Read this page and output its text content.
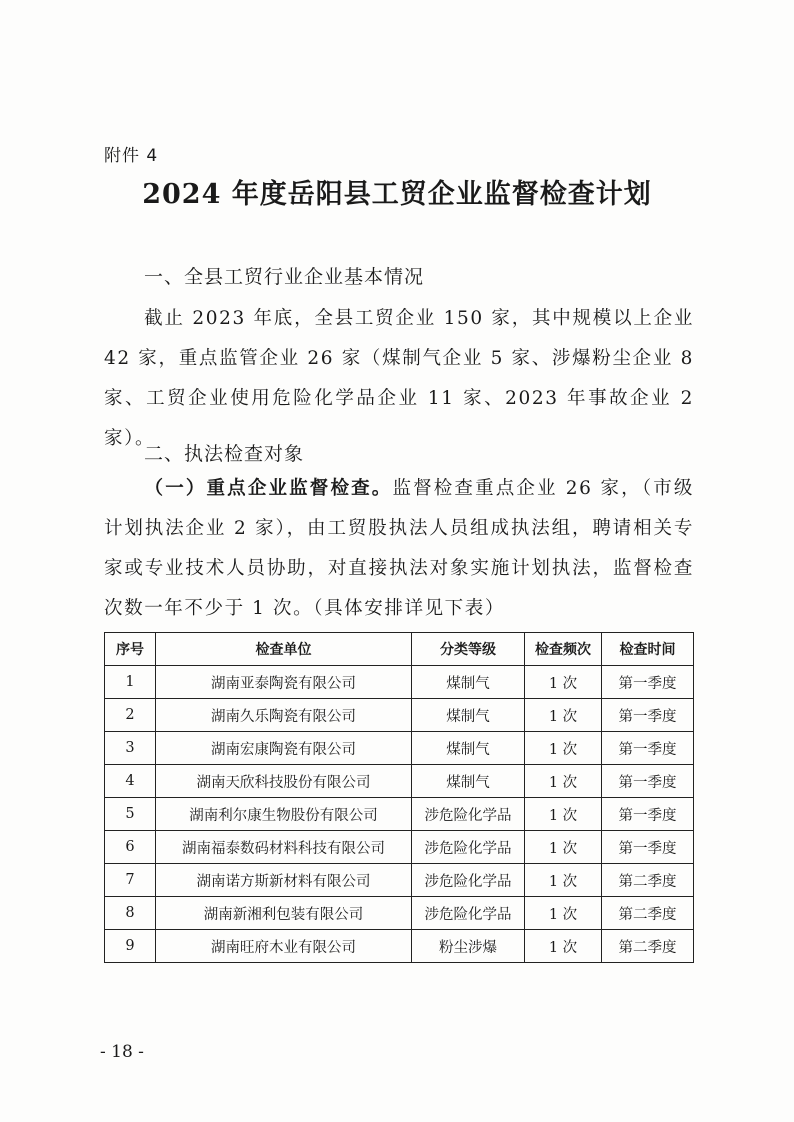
附件 4
2024 年度岳阳县工贸企业监督检查计划
一、全县工贸行业企业基本情况
截止 2023 年底，全县工贸企业 150 家，其中规模以上企业 42 家，重点监管企业 26 家（煤制气企业 5 家、涉爆粉尘企业 8 家、工贸企业使用危险化学品企业 11 家、2023 年事故企业 2 家）。
二、执法检查对象
（一）重点企业监督检查。监督检查重点企业 26 家，（市级计划执法企业 2 家），由工贸股执法人员组成执法组，聘请相关专家或专业技术人员协助，对直接执法对象实施计划执法，监督检查次数一年不少于 1 次。（具体安排详见下表）
序号	检查单位	分类等级	检查频次	检查时间
1	湖南亚泰陶瓷有限公司	煤制气	1 次	第一季度
2	湖南久乐陶瓷有限公司	煤制气	1 次	第一季度
3	湖南宏康陶瓷有限公司	煤制气	1 次	第一季度
4	湖南天欣科技股份有限公司	煤制气	1 次	第一季度
5	湖南利尔康生物股份有限公司	涉危险化学品	1 次	第一季度
6	湖南福泰数码材料科技有限公司	涉危险化学品	1 次	第一季度
7	湖南诺方斯新材料有限公司	涉危险化学品	1 次	第二季度
8	湖南新湘利包装有限公司	涉危险化学品	1 次	第二季度
9	湖南旺府木业有限公司	粉尘涉爆	1 次	第二季度
- 18 -
